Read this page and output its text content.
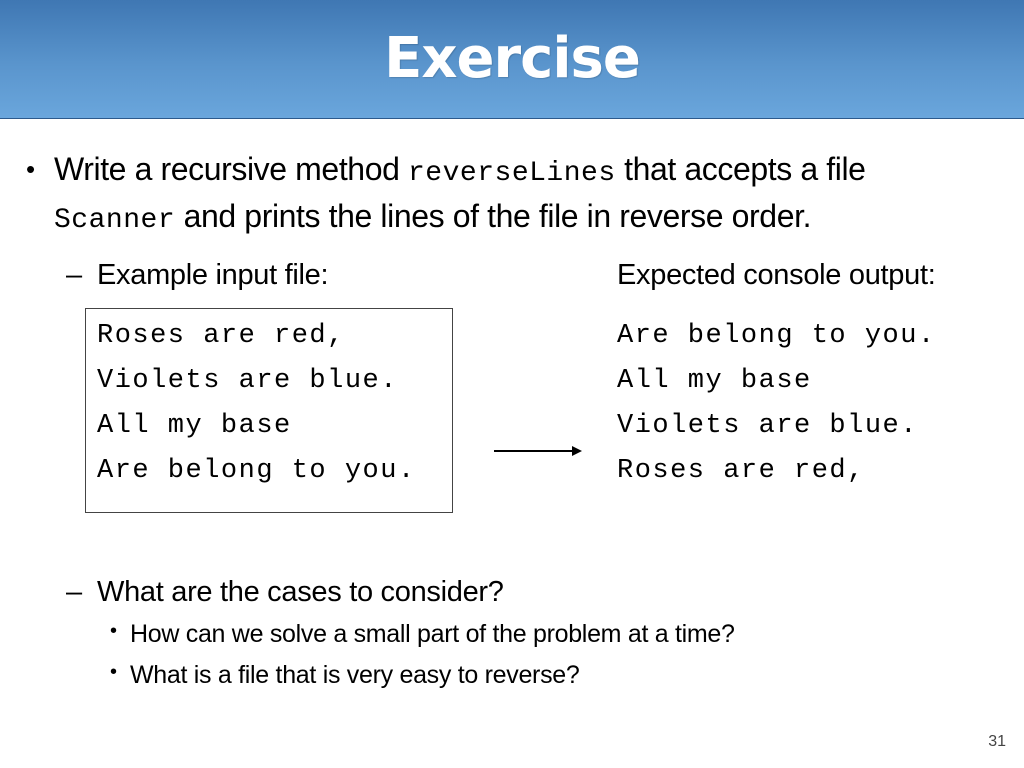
Exercise
• Write a recursive method reverseLines that accepts a file
Scanner and prints the lines of the file in reverse order.
– Example input file:	Expected console output:
Roses are red,
Violets are blue.
All my base
Are belong to you.
Are belong to you.
All my base
Violets are blue.
Roses are red,
– What are the cases to consider?
• How can we solve a small part of the problem at a time?
• What is a file that is very easy to reverse?
31
